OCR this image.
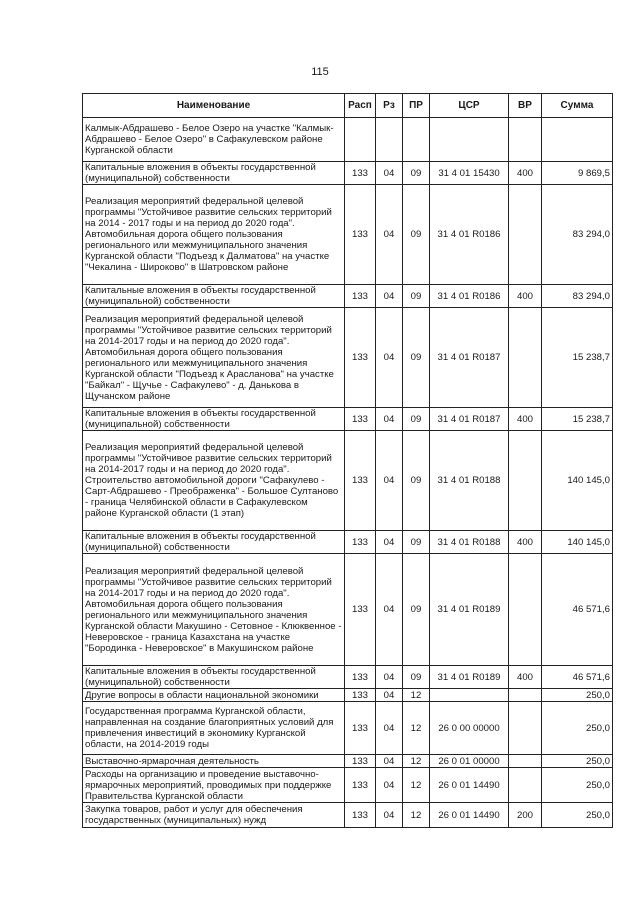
115
Наименование	Расп	Рз	ПР	ЦСР	ВР	Сумма
Калмык-Абдрашево - Белое Озеро на участке "Калмык-Абдрашево - Белое Озеро" в Сафакулевском районе Курганской области						
Капитальные вложения в объекты государственной (муниципальной) собственности	133	04	09	31 4 01 15430	400	9 869,5
Реализация мероприятий федеральной целевой программы "Устойчивое развитие сельских территорий на 2014 - 2017 годы и на период до 2020 года". Автомобильная дорога общего пользования регионального или межмуниципального значения Курганской области "Подъезд к Далматова" на участке "Чекалина - Широково" в Шатровском районе	133	04	09	31 4 01 R0186		83 294,0
Капитальные вложения в объекты государственной (муниципальной) собственности	133	04	09	31 4 01 R0186	400	83 294,0
Реализация мероприятий федеральной целевой программы "Устойчивое развитие сельских территорий на 2014-2017 годы и на период до 2020 года". Автомобильная дорога общего пользования регионального или межмуниципального значения Курганской области "Подъезд к Арасланова" на участке "Байкал" - Щучье - Сафакулево" - д. Данькова в Щучанском районе	133	04	09	31 4 01 R0187		15 238,7
Капитальные вложения в объекты государственной (муниципальной) собственности	133	04	09	31 4 01 R0187	400	15 238,7
Реализация мероприятий федеральной целевой программы "Устойчивое развитие сельских территорий на 2014-2017 годы и на период до 2020 года". Строительство автомобильной дороги "Сафакулево - Сарт-Абдрашево - Преображенка" - Большое Султаново - граница Челябинской области в Сафакулевском районе Курганской области (1 этап)	133	04	09	31 4 01 R0188		140 145,0
Капитальные вложения в объекты государственной (муниципальной) собственности	133	04	09	31 4 01 R0188	400	140 145,0
Реализация мероприятий федеральной целевой программы "Устойчивое развитие сельских территорий на 2014-2017 годы и на период до 2020 года". Автомобильная дорога общего пользования регионального или межмуниципального значения Курганской области Макушино - Сетовное - Клюквенное - Неверовское - граница Казахстана на участке "Бородинка - Неверовское" в Макушинском районе	133	04	09	31 4 01 R0189		46 571,6
Капитальные вложения в объекты государственной (муниципальной) собственности	133	04	09	31 4 01 R0189	400	46 571,6
Другие вопросы в области национальной экономики	133	04	12			250,0
Государственная программа Курганской области, направленная на создание благоприятных условий для привлечения инвестиций в экономику Курганской области, на 2014-2019 годы	133	04	12	26 0 00 00000		250,0
Выставочно-ярмарочная деятельность	133	04	12	26 0 01 00000		250,0
Расходы на организацию и проведение выставочно-ярмарочных мероприятий, проводимых при поддержке Правительства Курганской области	133	04	12	26 0 01 14490		250,0
Закупка товаров, работ и услуг для обеспечения государственных (муниципальных) нужд	133	04	12	26 0 01 14490	200	250,0
